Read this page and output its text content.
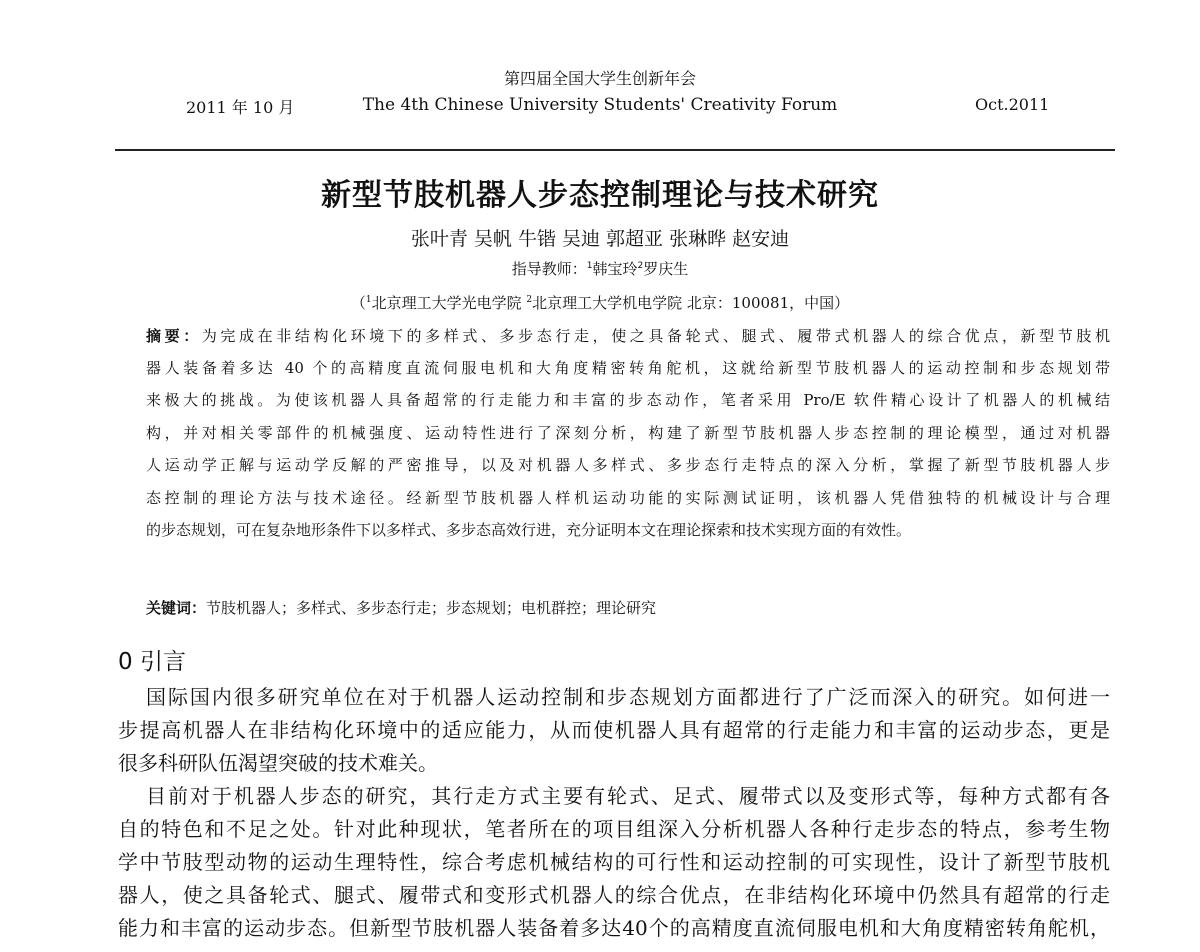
第四届全国大学生创新年会
2011 年 10 月	The 4th Chinese University Students' Creativity Forum	Oct.2011
新型节肢机器人步态控制理论与技术研究
张叶青 吴帆 牛锴 吴迪 郭超亚 张琳晔 赵安迪
指导教师：$^1$韩宝玲$^2$罗庆生
（$^1$北京理工大学光电学院 $^2$北京理工大学机电学院 北京：100081，中国）
摘要：为完成在非结构化环境下的多样式、多步态行走，使之具备轮式、腿式、履带式机器人的综合优点，新型节肢机
器人装备着多达 40 个的高精度直流伺服电机和大角度精密转角舵机，这就给新型节肢机器人的运动控制和步态规划带
来极大的挑战。为使该机器人具备超常的行走能力和丰富的步态动作，笔者采用 Pro/E 软件精心设计了机器人的机械结
构，并对相关零部件的机械强度、运动特性进行了深刻分析，构建了新型节肢机器人步态控制的理论模型，通过对机器
人运动学正解与运动学反解的严密推导，以及对机器人多样式、多步态行走特点的深入分析，掌握了新型节肢机器人步
态控制的理论方法与技术途径。经新型节肢机器人样机运动功能的实际测试证明，该机器人凭借独特的机械设计与合理
的步态规划，可在复杂地形条件下以多样式、多步态高效行进，充分证明本文在理论探索和技术实现方面的有效性。
关键词：节肢机器人；多样式、多步态行走；步态规划；电机群控；理论研究
0 引言
国际国内很多研究单位在对于机器人运动控制和步态规划方面都进行了广泛而深入的研究。如何进一
步提高机器人在非结构化环境中的适应能力，从而使机器人具有超常的行走能力和丰富的运动步态，更是
很多科研队伍渴望突破的技术难关。
目前对于机器人步态的研究，其行走方式主要有轮式、足式、履带式以及变形式等，每种方式都有各
自的特色和不足之处。针对此种现状，笔者所在的项目组深入分析机器人各种行走步态的特点，参考生物
学中节肢型动物的运动生理特性，综合考虑机械结构的可行性和运动控制的可实现性，设计了新型节肢机
器人，使之具备轮式、腿式、履带式和变形式机器人的综合优点，在非结构化环境中仍然具有超常的行走
能力和丰富的运动步态。但新型节肢机器人装备着多达40个的高精度直流伺服电机和大角度精密转角舵机，
